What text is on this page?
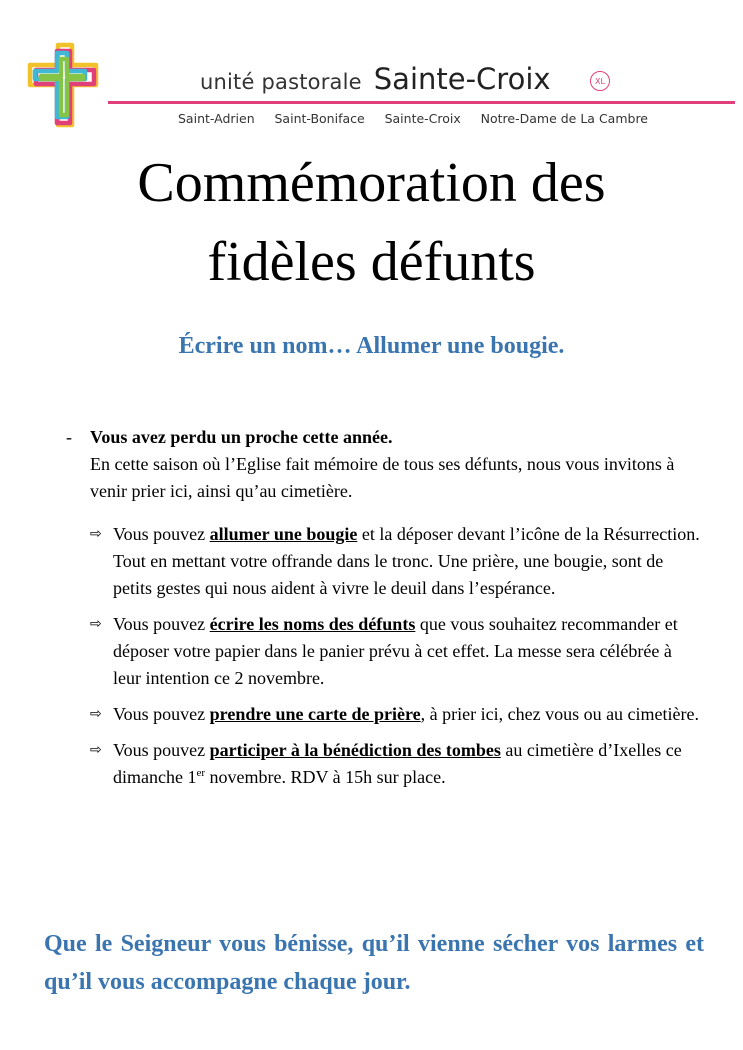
unité pastorale Sainte-Croix	XL
Saint-Adrien Saint-Boniface Sainte-Croix Notre-Dame de La Cambre
Commémoration des
fidèles défunts
Écrire un nom… Allumer une bougie.
- Vous avez perdu un proche cette année.
En cette saison où l’Eglise fait mémoire de tous ses défunts, nous vous invitons à venir prier ici, ainsi qu’au cimetière.
⇨ Vous pouvez allumer une bougie et la déposer devant l’icône de la Résurrection. Tout en mettant votre offrande dans le tronc. Une prière, une bougie, sont de petits gestes qui nous aident à vivre le deuil dans l’espérance.
⇨ Vous pouvez écrire les noms des défunts que vous souhaitez recommander et déposer votre papier dans le panier prévu à cet effet. La messe sera célébrée à leur intention ce 2 novembre.
⇨ Vous pouvez prendre une carte de prière, à prier ici, chez vous ou au cimetière.
⇨ Vous pouvez participer à la bénédiction des tombes au cimetière d’Ixelles ce dimanche 1er novembre. RDV à 15h sur place.
Que le Seigneur vous bénisse, qu’il vienne sécher vos larmes et qu’il vous accompagne chaque jour.
